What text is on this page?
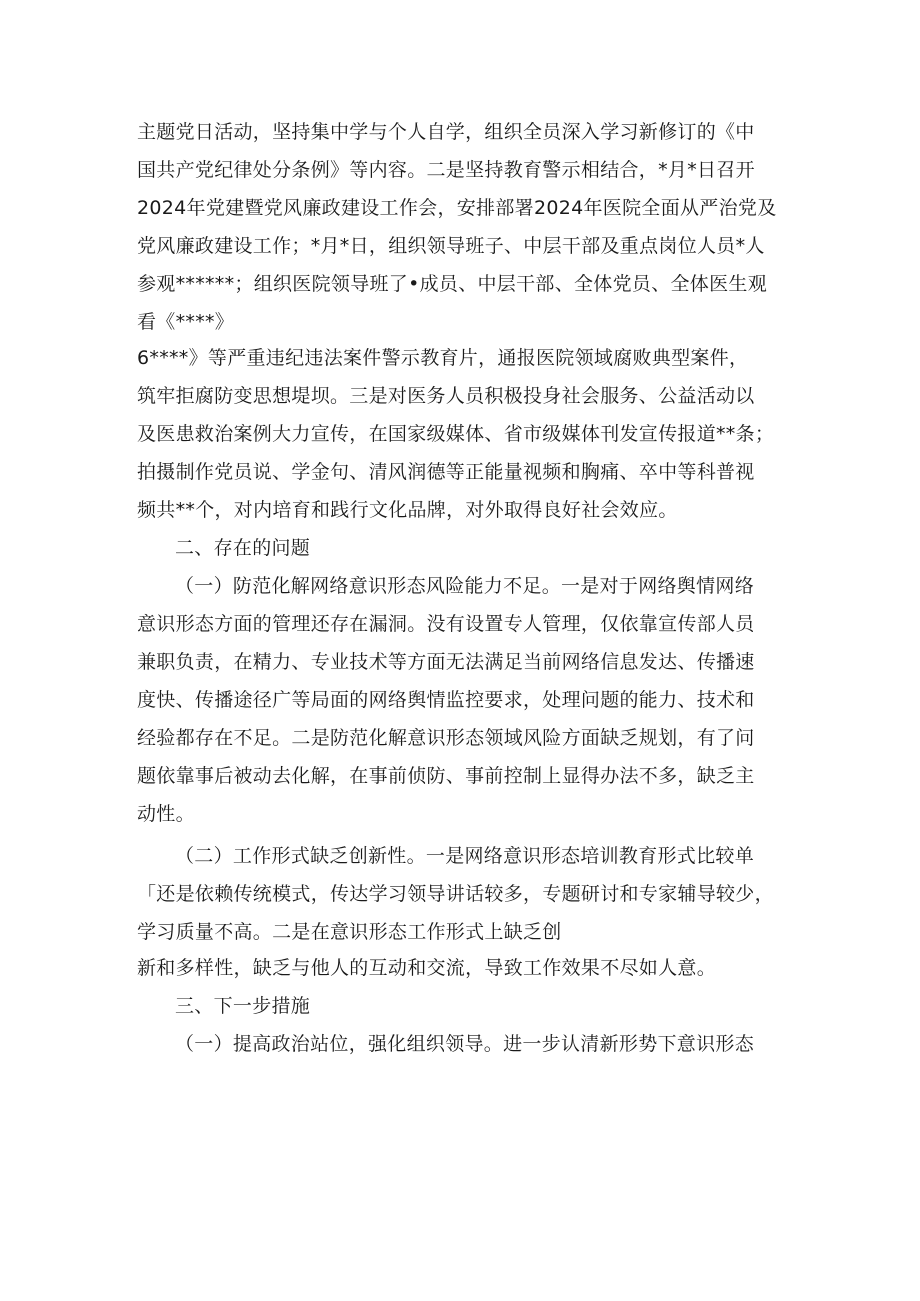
主题党日活动，坚持集中学与个人自学，组织全员深入学习新修订的《中

国共产党纪律处分条例》等内容。二是坚持教育警示相结合，*月*日召开

2024年党建暨党风廉政建设工作会，安排部署2024年医院全面从严治党及

党风廉政建设工作；*月*日，组织领导班子、中层干部及重点岗位人员*人

参观******；组织医院领导班了•成员、中层干部、全体党员、全体医生观

看《****》

6****》等严重违纪违法案件警示教育片，通报医院领域腐败典型案件，

筑牢拒腐防变思想堤坝。三是对医务人员积极投身社会服务、公益活动以

及医患救治案例大力宣传，在国家级媒体、省市级媒体刊发宣传报道**条；

拍摄制作党员说、学金句、清风润德等正能量视频和胸痛、卒中等科普视

频共**个，对内培育和践行文化品牌，对外取得良好社会效应。

二、存在的问题

（一）防范化解网络意识形态风险能力不足。一是对于网络舆情网络

意识形态方面的管理还存在漏洞。没有设置专人管理，仅依靠宣传部人员

兼职负责，在精力、专业技术等方面无法满足当前网络信息发达、传播速

度快、传播途径广等局面的网络舆情监控要求，处理问题的能力、技术和

经验都存在不足。二是防范化解意识形态领域风险方面缺乏规划，有了问

题依靠事后被动去化解，在事前侦防、事前控制上显得办法不多，缺乏主

动性。

（二）工作形式缺乏创新性。一是网络意识形态培训教育形式比较单

「还是依赖传统模式，传达学习领导讲话较多，专题研讨和专家辅导较少，

学习质量不高。二是在意识形态工作形式上缺乏创

新和多样性，缺乏与他人的互动和交流，导致工作效果不尽如人意。

三、下一步措施

（一）提高政治站位，强化组织领导。进一步认清新形势下意识形态
